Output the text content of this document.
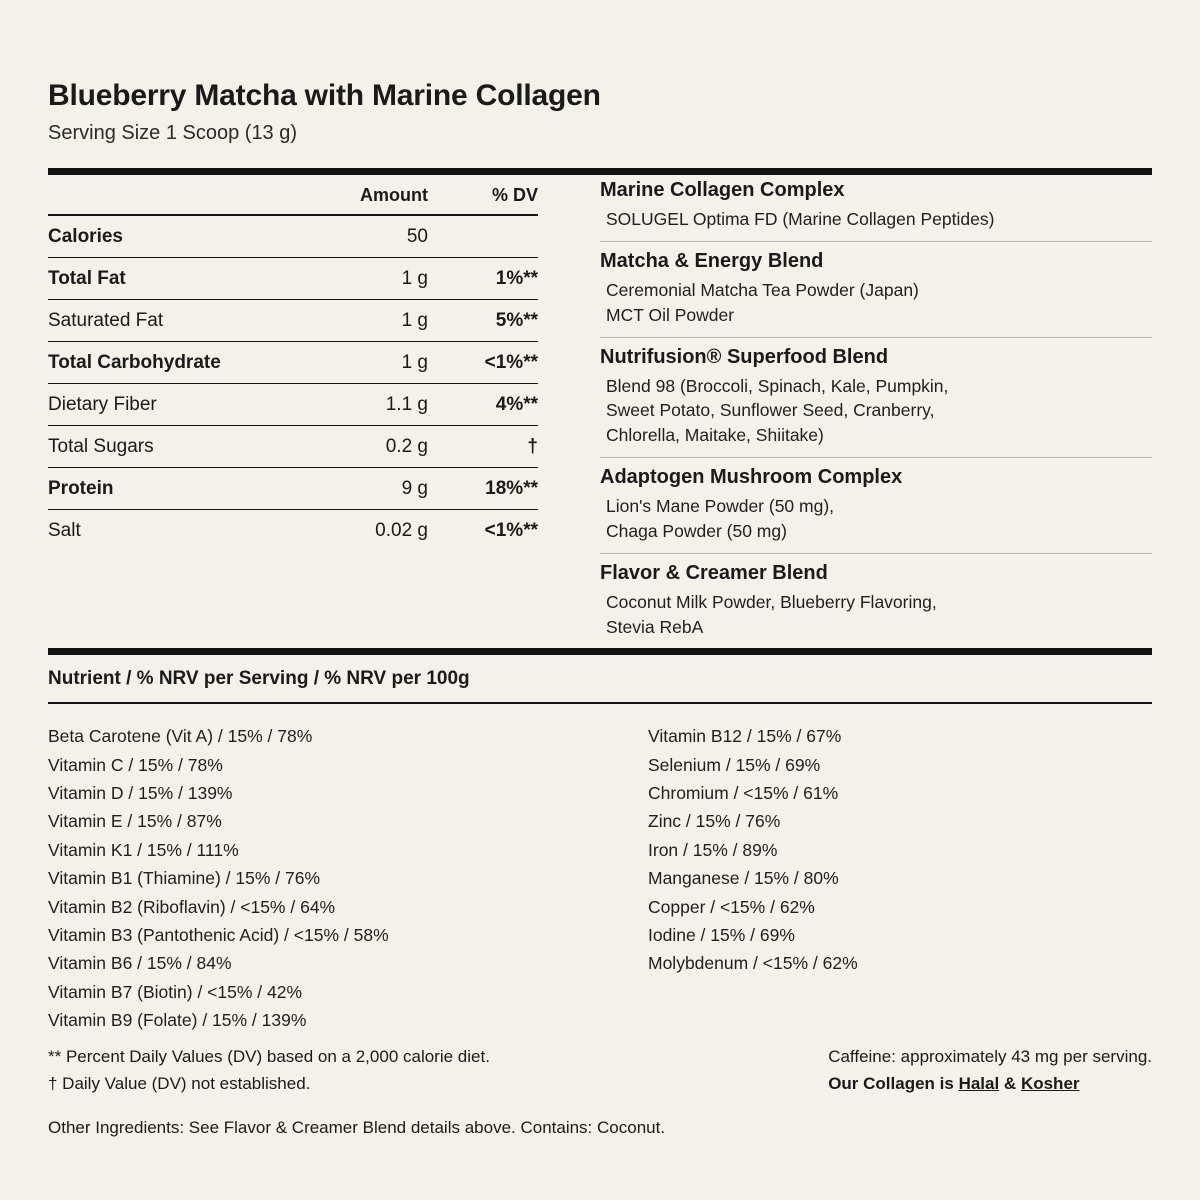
Blueberry Matcha with Marine Collagen

Serving Size 1 Scoop (13 g)

	Amount	% DV
Calories	50	
Total Fat	1 g	1%**
Saturated Fat	1 g	5%**
Total Carbohydrate	1 g	<1%**
Dietary Fiber	1.1 g	4%**
Total Sugars	0.2 g	†
Protein	9 g	18%**
Salt	0.02 g	<1%**

Marine Collagen Complex

SOLUGEL Optima FD (Marine Collagen Peptides)

Matcha & Energy Blend

Ceremonial Matcha Tea Powder (Japan)

MCT Oil Powder

Nutrifusion® Superfood Blend

Blend 98 (Broccoli, Spinach, Kale, Pumpkin,

Sweet Potato, Sunflower Seed, Cranberry,

Chlorella, Maitake, Shiitake)

Adaptogen Mushroom Complex

Lion's Mane Powder (50 mg),

Chaga Powder (50 mg)

Flavor & Creamer Blend

Coconut Milk Powder, Blueberry Flavoring,

Stevia RebA

Nutrient / % NRV per Serving / % NRV per 100g
Beta Carotene (Vit A) / 15% / 78%
Vitamin C / 15% / 78%
Vitamin D / 15% / 139%
Vitamin E / 15% / 87%
Vitamin K1 / 15% / 111%
Vitamin B1 (Thiamine) / 15% / 76%
Vitamin B2 (Riboflavin) / <15% / 64%
Vitamin B3 (Pantothenic Acid) / <15% / 58%
Vitamin B6 / 15% / 84%
Vitamin B7 (Biotin) / <15% / 42%
Vitamin B9 (Folate) / 15% / 139%
Vitamin B12 / 15% / 67%
Selenium / 15% / 69%
Chromium / <15% / 61%
Zinc / 15% / 76%
Iron / 15% / 89%
Manganese / 15% / 80%
Copper / <15% / 62%
Iodine / 15% / 69%
Molybdenum / <15% / 62%

** Percent Daily Values (DV) based on a 2,000 calorie diet.

† Daily Value (DV) not established.

Caffeine: approximately 43 mg per serving.

Our Collagen is Halal & Kosher

Other Ingredients: See Flavor & Creamer Blend details above. Contains: Coconut.
